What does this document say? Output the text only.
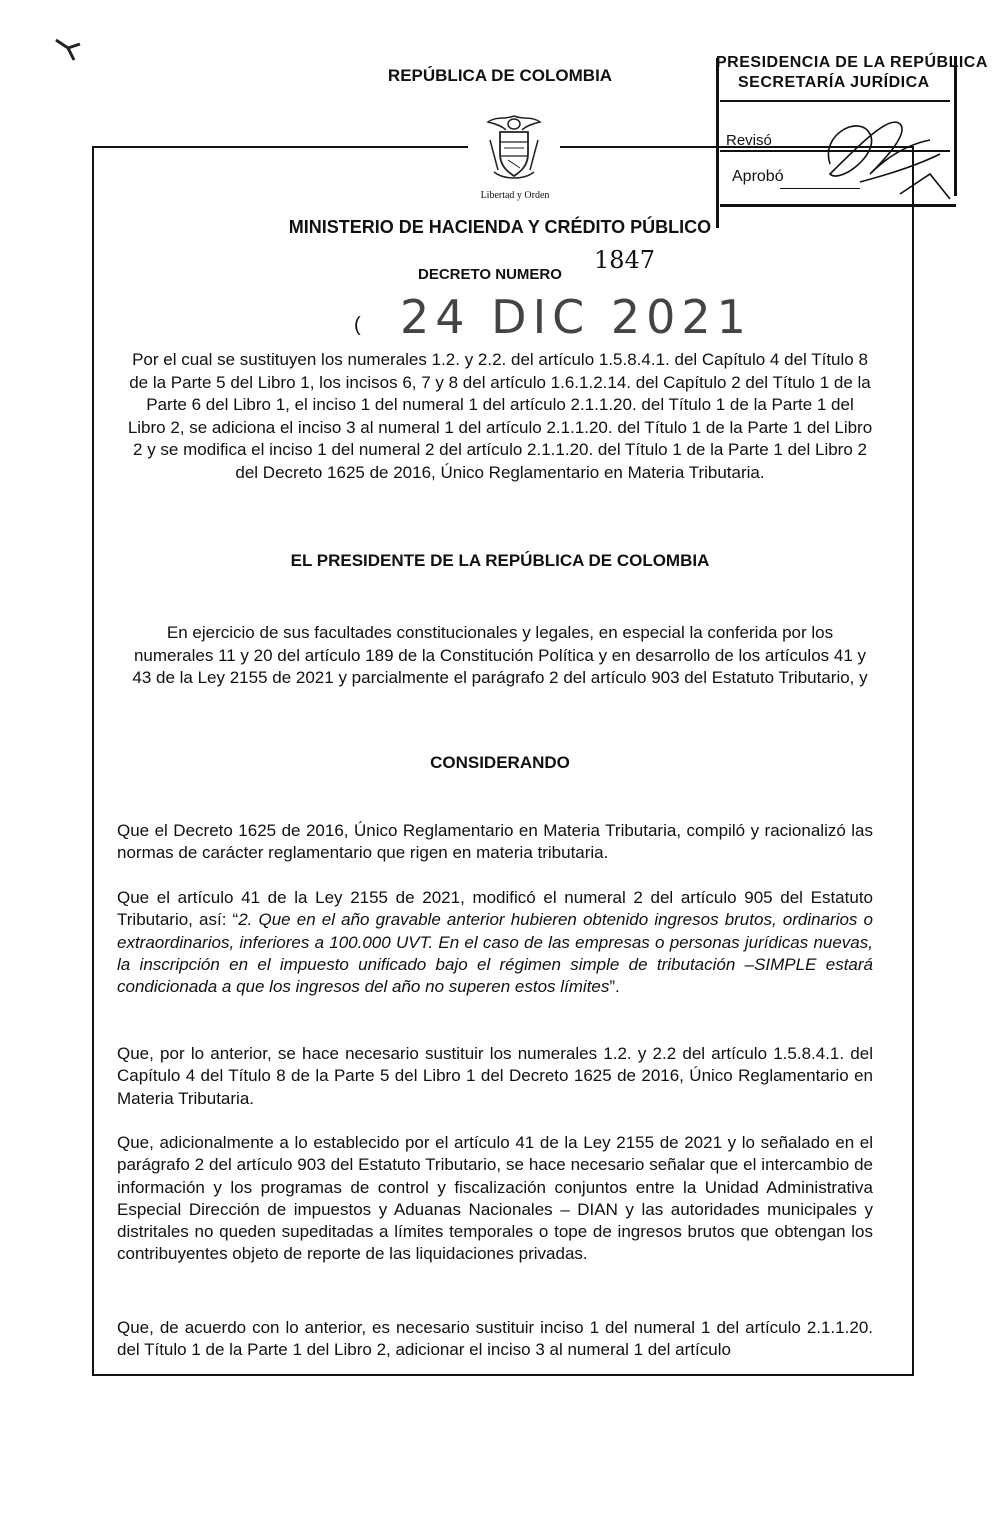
PRESIDENCIA DE LA REPÚBLICA
SECRETARÍA JURÍDICA
Revisó
Aprobó
REPÚBLICA DE COLOMBIA
Libertad y Orden
MINISTERIO DE HACIENDA Y CRÉDITO PÚBLICO
DECRETO NUMERO
1847
( 24 DIC 2021
Por el cual se sustituyen los numerales 1.2. y 2.2. del artículo 1.5.8.4.1. del Capítulo 4 del Título 8 de la Parte 5 del Libro 1, los incisos 6, 7 y 8 del artículo 1.6.1.2.14. del Capítulo 2 del Título 1 de la Parte 6 del Libro 1, el inciso 1 del numeral 1 del artículo 2.1.1.20. del Título 1 de la Parte 1 del Libro 2, se adiciona el inciso 3 al numeral 1 del artículo 2.1.1.20. del Título 1 de la Parte 1 del Libro 2 y se modifica el inciso 1 del numeral 2 del artículo 2.1.1.20. del Título 1 de la Parte 1 del Libro 2 del Decreto 1625 de 2016, Único Reglamentario en Materia Tributaria.
EL PRESIDENTE DE LA REPÚBLICA DE COLOMBIA
En ejercicio de sus facultades constitucionales y legales, en especial la conferida por los numerales 11 y 20 del artículo 189 de la Constitución Política y en desarrollo de los artículos 41 y 43 de la Ley 2155 de 2021 y parcialmente el parágrafo 2 del artículo 903 del Estatuto Tributario, y
CONSIDERANDO
Que el Decreto 1625 de 2016, Único Reglamentario en Materia Tributaria, compiló y racionalizó las normas de carácter reglamentario que rigen en materia tributaria.
Que el artículo 41 de la Ley 2155 de 2021, modificó el numeral 2 del artículo 905 del Estatuto Tributario, así: “2. Que en el año gravable anterior hubieren obtenido ingresos brutos, ordinarios o extraordinarios, inferiores a 100.000 UVT. En el caso de las empresas o personas jurídicas nuevas, la inscripción en el impuesto unificado bajo el régimen simple de tributación –SIMPLE estará condicionada a que los ingresos del año no superen estos límites”.
Que, por lo anterior, se hace necesario sustituir los numerales 1.2. y 2.2 del artículo 1.5.8.4.1. del Capítulo 4 del Título 8 de la Parte 5 del Libro 1 del Decreto 1625 de 2016, Único Reglamentario en Materia Tributaria.
Que, adicionalmente a lo establecido por el artículo 41 de la Ley 2155 de 2021 y lo señalado en el parágrafo 2 del artículo 903 del Estatuto Tributario, se hace necesario señalar que el intercambio de información y los programas de control y fiscalización conjuntos entre la Unidad Administrativa Especial Dirección de impuestos y Aduanas Nacionales – DIAN y las autoridades municipales y distritales no queden supeditadas a límites temporales o tope de ingresos brutos que obtengan los contribuyentes objeto de reporte de las liquidaciones privadas.
Que, de acuerdo con lo anterior, es necesario sustituir inciso 1 del numeral 1 del artículo 2.1.1.20. del Título 1 de la Parte 1 del Libro 2, adicionar el inciso 3 al numeral 1 del artículo
